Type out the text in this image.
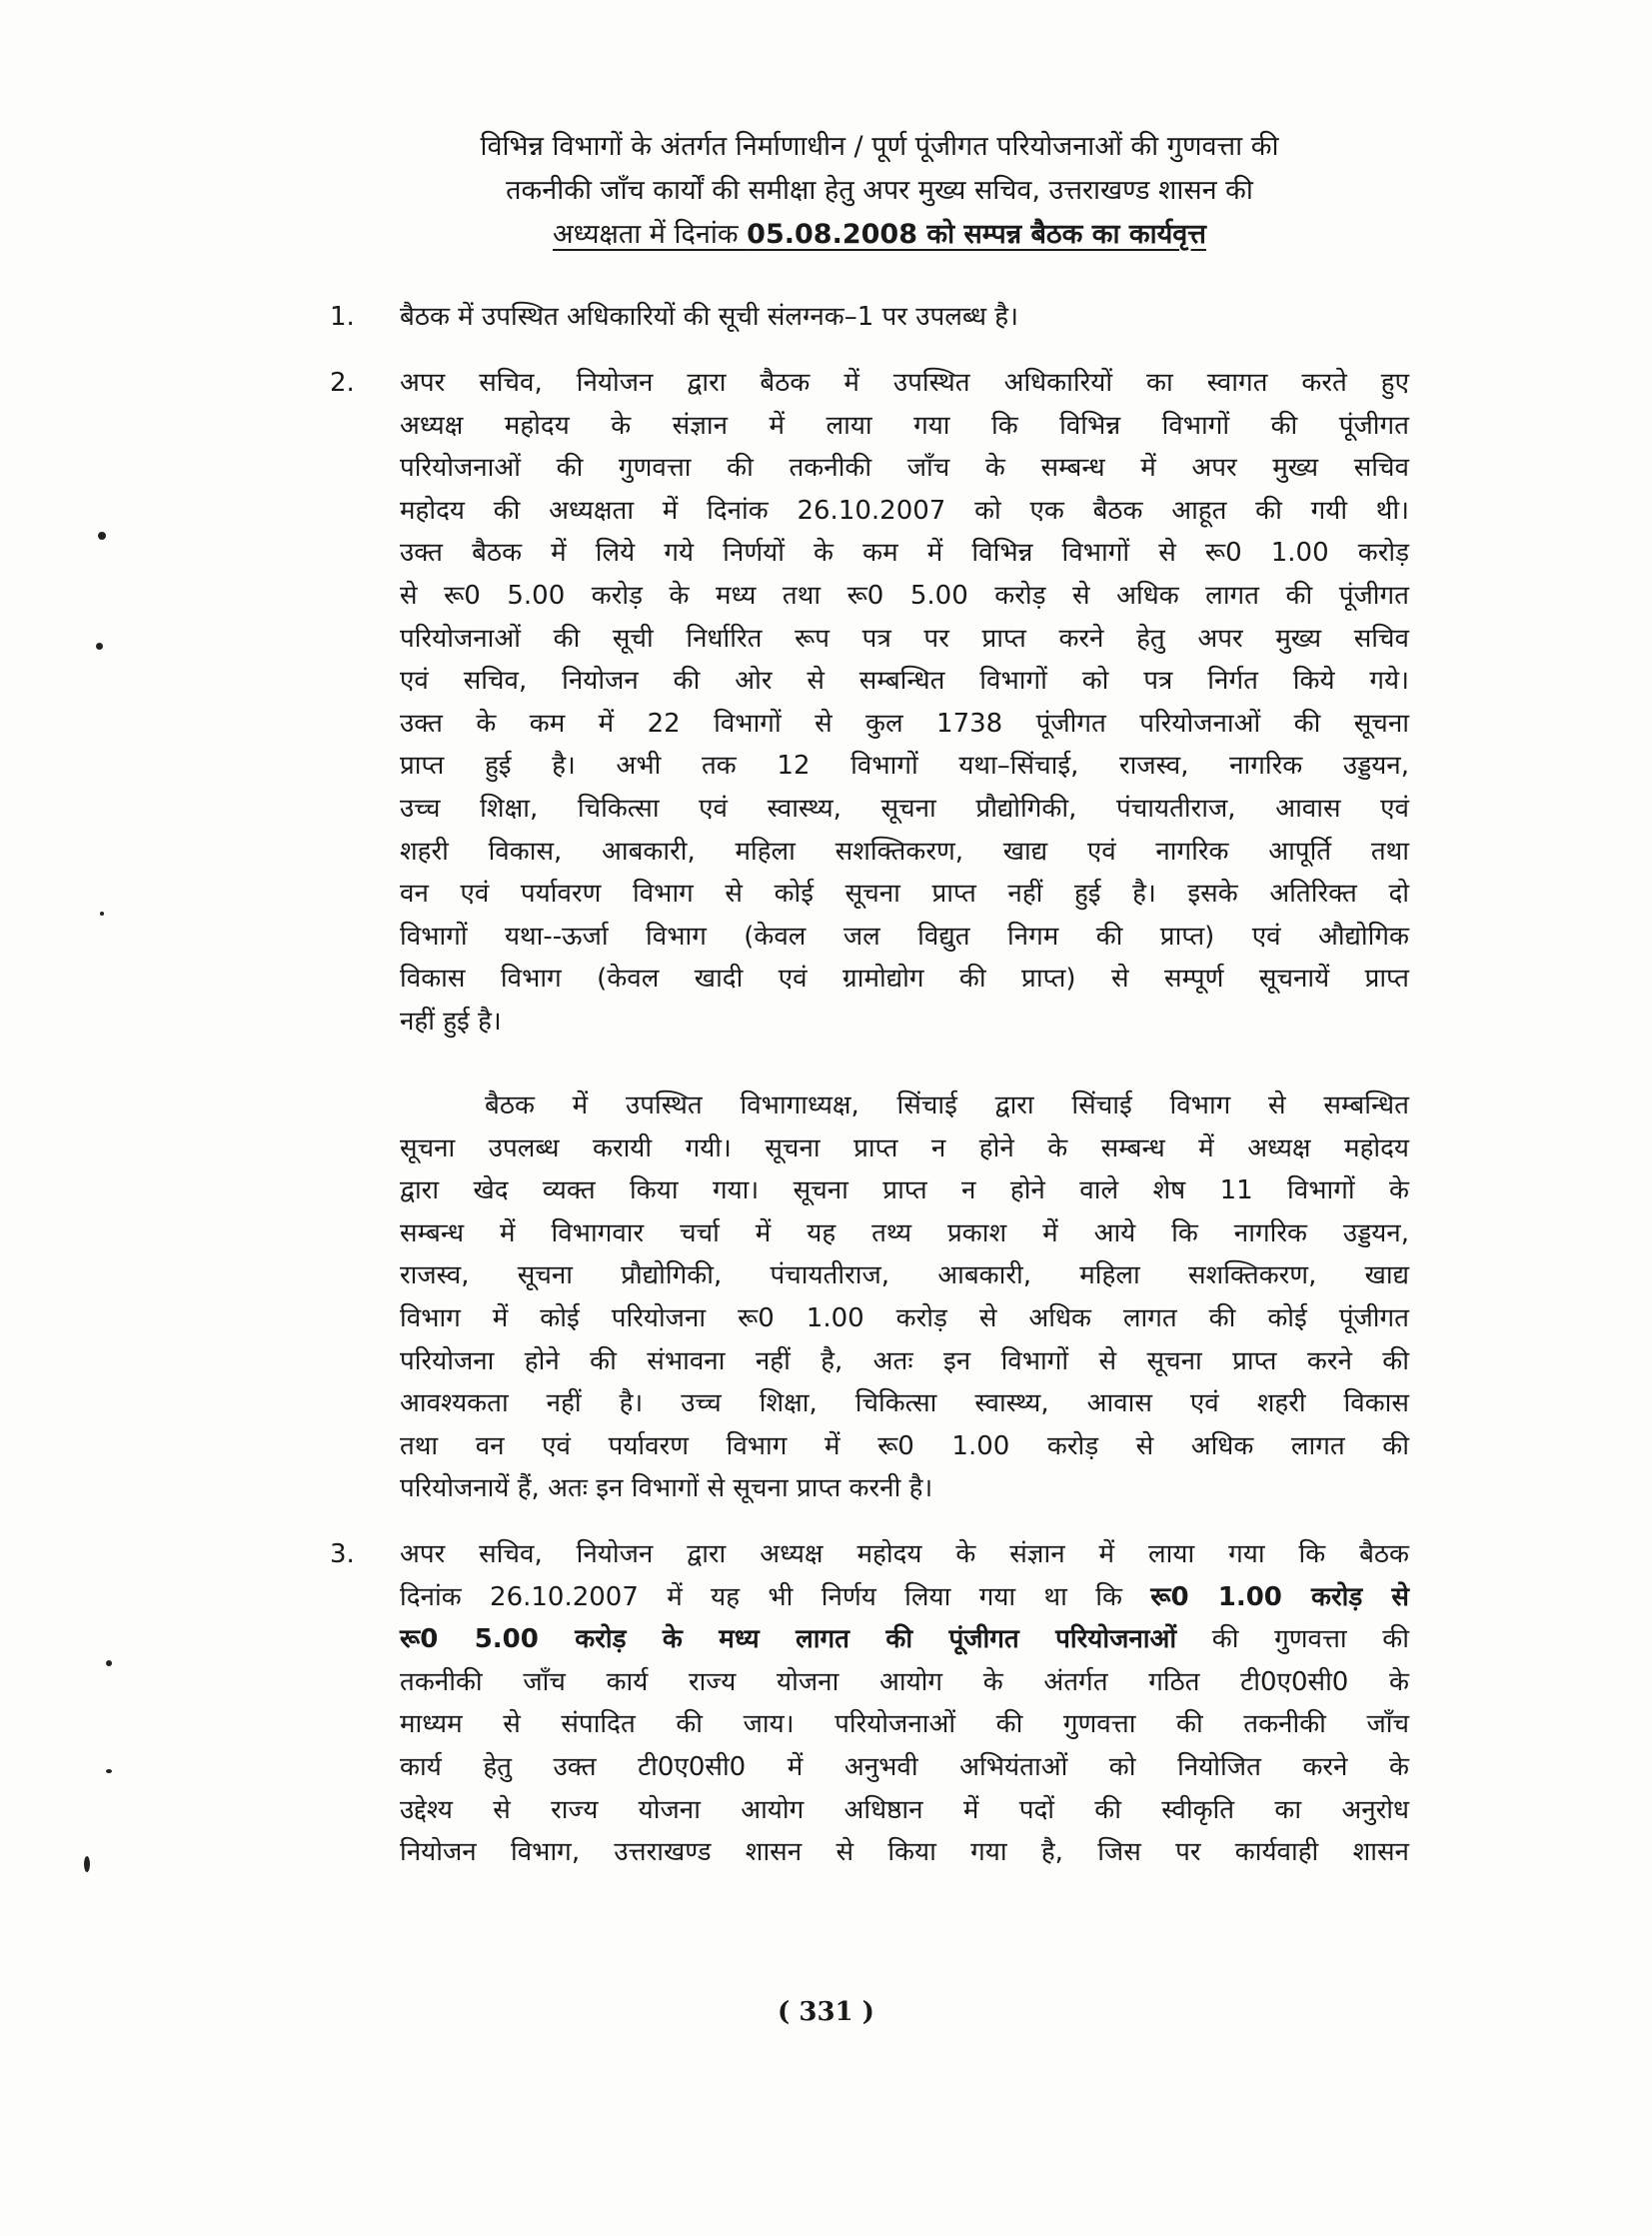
विभिन्न विभागों के अंतर्गत निर्माणाधीन / पूर्ण पूंजीगत परियोजनाओं की गुणवत्ता की
तकनीकी जाँच कार्यों की समीक्षा हेतु अपर मुख्य सचिव, उत्तराखण्ड शासन की
अध्यक्षता में दिनांक 05.08.2008 को सम्पन्न बैठक का कार्यवृत्त
1.	बैठक में उपस्थित अधिकारियों की सूची संलग्नक–1 पर उपलब्ध है।
2.	अपर सचिव, नियोजन द्वारा बैठक में उपस्थित अधिकारियों का स्वागत करते हुए
अध्यक्ष महोदय के संज्ञान में लाया गया कि विभिन्न विभागों की पूंजीगत
परियोजनाओं की गुणवत्ता की तकनीकी जाँच के सम्बन्ध में अपर मुख्य सचिव
महोदय की अध्यक्षता में दिनांक 26.10.2007 को एक बैठक आहूत की गयी थी।
उक्त बैठक में लिये गये निर्णयों के कम में विभिन्न विभागों से रू0 1.00 करोड़
से रू0 5.00 करोड़ के मध्य तथा रू0 5.00 करोड़ से अधिक लागत की पूंजीगत
परियोजनाओं की सूची निर्धारित रूप पत्र पर प्राप्त करने हेतु अपर मुख्य सचिव
एवं सचिव, नियोजन की ओर से सम्बन्धित विभागों को पत्र निर्गत किये गये।
उक्त के कम में 22 विभागों से कुल 1738 पूंजीगत परियोजनाओं की सूचना
प्राप्त हुई है। अभी तक 12 विभागों यथा–सिंचाई, राजस्व, नागरिक उड्डयन,
उच्च शिक्षा, चिकित्सा एवं स्वास्थ्य, सूचना प्रौद्योगिकी, पंचायतीराज, आवास एवं
शहरी विकास, आबकारी, महिला सशक्तिकरण, खाद्य एवं नागरिक आपूर्ति तथा
वन एवं पर्यावरण विभाग से कोई सूचना प्राप्त नहीं हुई है। इसके अतिरिक्त दो
विभागों यथा--ऊर्जा विभाग (केवल जल विद्युत निगम की प्राप्त) एवं औद्योगिक
विकास विभाग (केवल खादी एवं ग्रामोद्योग की प्राप्त) से सम्पूर्ण सूचनायें प्राप्त
नहीं हुई है।
बैठक में उपस्थित विभागाध्यक्ष, सिंचाई द्वारा सिंचाई विभाग से सम्बन्धित
सूचना उपलब्ध करायी गयी। सूचना प्राप्त न होने के सम्बन्ध में अध्यक्ष महोदय
द्वारा खेद व्यक्त किया गया। सूचना प्राप्त न होने वाले शेष 11 विभागों के
सम्बन्ध में विभागवार चर्चा में यह तथ्य प्रकाश में आये कि नागरिक उड्डयन,
राजस्व, सूचना प्रौद्योगिकी, पंचायतीराज, आबकारी, महिला सशक्तिकरण, खाद्य
विभाग में कोई परियोजना रू0 1.00 करोड़ से अधिक लागत की कोई पूंजीगत
परियोजना होने की संभावना नहीं है, अतः इन विभागों से सूचना प्राप्त करने की
आवश्यकता नहीं है। उच्च शिक्षा, चिकित्सा स्वास्थ्य, आवास एवं शहरी विकास
तथा वन एवं पर्यावरण विभाग में रू0 1.00 करोड़ से अधिक लागत की
परियोजनायें हैं, अतः इन विभागों से सूचना प्राप्त करनी है।
3.	अपर सचिव, नियोजन द्वारा अध्यक्ष महोदय के संज्ञान में लाया गया कि बैठक
दिनांक 26.10.2007 में यह भी निर्णय लिया गया था कि रू0 1.00 करोड़ से
रू0 5.00 करोड़ के मध्य लागत की पूंजीगत परियोजनाओं की गुणवत्ता की
तकनीकी जाँच कार्य राज्य योजना आयोग के अंतर्गत गठित टी0ए0सी0 के
माध्यम से संपादित की जाय। परियोजनाओं की गुणवत्ता की तकनीकी जाँच
कार्य हेतु उक्त टी0ए0सी0 में अनुभवी अभियंताओं को नियोजित करने के
उद्देश्य से राज्य योजना आयोग अधिष्ठान में पदों की स्वीकृति का अनुरोध
नियोजन विभाग, उत्तराखण्ड शासन से किया गया है, जिस पर कार्यवाही शासन
( 331 )
